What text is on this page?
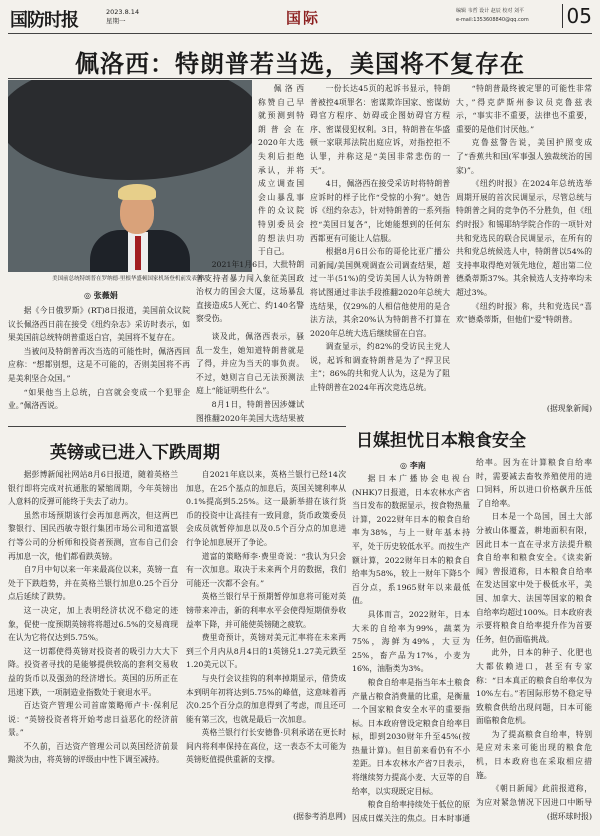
国防时报	2023.8.14
星期一	国际	编辑 韦哲 设计 赵辰 校对 刘平
e-mail:1353608840@qq.com 05
佩洛西：特朗普若当选，美国将不复存在
美国前总统特朗普在罗纳德·里根华盛顿国家机场登机前发表讲话
◎ 张薇娟

佩洛西称赞自己早就预测到特朗普会在2020年大选失利后拒绝承认，并将成立调查国会山暴乱事件的众议院特别委员会的想法归功于自己。

2021年1月6日，大批特朗普支持者暴力闯入象征美国政治权力的国会大厦，这场暴乱直接造成5人死亡、约140名警察受伤。

据《今日俄罗斯》(RT)8日报道，美国前众议院议长佩洛西日前在接受《纽约杂志》采访时表示，如果美国前总统特朗普重返白宫，美国将不复存在。

当被问及特朗普再次当选的可能性时，佩洛西回应称：“想都别想，这是不可能的，否则美国将不再是美利坚合众国。”

“如果他当上总统，白宫就会变成一个犯罪企业。”佩洛西说。

谈及此，佩洛西表示，骚乱一发生，她知道特朗普就是了得，并应为当天的事负责。不过，她则言自己无法预测法庭上“能证明些什么”。

8月1日，特朗普因涉嫌试图推翻2020年美国大选结果被

一份长达45页的起诉书显示，特朗普被控4项罪名：密谋欺诈国家、密谋妨碍官方程序、妨碍或企图妨碍官方程序、密谋侵犯权利。3日，特朗普在华盛顿一家联邦法院出庭应诉，对指控拒不认罪，并称这是“美国非常悲伤的一天”。

4日，佩洛西在接受采访时将特朗普应诉时的样子比作“受惊的小狗”。她告诉《纽约杂志》，针对特朗普的一系列指控“美国日复各”，比她能想到的任何东西都更有可能让人信服。

根据8月6日公布的哥伦比亚广播公司新闻/美国舆观调查公司调查结果，超过一半(51%)的受访美国人认为特朗普将试图通过非法手段推翻2020年总统大选结果，仅29%的人相信他使用的是合法方法，其余20%认为特朗普不打算在2020年总统大选后继续留在白宫。

调查显示，约82%的受访民主党人说，起诉和调查特朗普是为了“捍卫民主”；86%的共和党人认为，这是为了阻止特朗普在2024年再次竞选总统。

“特朗普最终被定罪的可能性非常大，”得克萨斯州参议员克鲁兹表示，“事实非不重要，法律也不重要，重要的是他们讨厌他。”

克鲁兹警告说，美国护照变成了“香蕉共和国(军事强人独裁统治的国家)”。

《纽约时报》在2024年总统选举周期开展的首次民调显示，尽管总统与特朗普之间的竞争仍不分胜负，但《纽约时报》和锡耶纳学院合作的一项针对共和党选民的联合民调显示，在所有的共和党总统候选人中，特朗普以54%的支持率取得绝对领先地位，超出第二位德桑蒂斯37%。其余候选人支持率均未超过3%。

《纽约时报》称，共和党选民“喜欢”德桑蒂斯，但他们“爱”特朗普。

(据现象新闻)

英镑或已进入下跌周期

据彭博新闻社网站8月6日报道，随着英格兰银行即将完成对抗通胀的紧缩周期，今年英镑出人意料的反弹可能终于失去了动力。

虽然市场预期该行会再加息两次，但这两巴黎银行、国民西敏寺银行集团市场公司和道富银行等公司的分析师和投资者预测，宣布自己们会再加息一次，他们都看跌英镑。

自7月中旬以来一年来最高位以来，英镑一直处于下跌趋势，并在英格兰银行加息0.25个百分点后延续了跌势。

这一决定，加上表明经济状况不稳定的迹象，促使一度预期英镑将将超过6.5%的交易商现在认为它将仅达到5.75%。

这一切都使得英镑对投资者的吸引力大大下降。投资者寻找的是能够提供较高的套利交易收益的货币以及强劲的经济增长。英国的历所正在迅速下跌，一项制造业指数处于衰退水平。

百达资产管理公司首席策略师卢卡·保利尼说：“英镑投资者将开始考虑日益恶化的经济前景。”

不久前，百达资产管理公司以英国经济前景黯淡为由，将英镑的评级由中性下调至减持。

自2021年底以来，英格兰银行已经14次加息，在25个基点的加息后，英国关键利率从0.1%提高到5.25%。这一最新举措在该行货币的投资中让高挂有一致同意，货币政策委员会成员就暂停加息以及0.5个百分点的加息进行争论加息展开了争论。

道富的策略师李·费里奇说：“我认为只会有一次加息。取决于未来两个月的数据，我们可能还一次都不会有。”

英格兰银行早于预期暂停加息将可能对英镑带来冲击，新的利率水平会使得短期债券收益率下降，并可能使英镑随之疲软。

费里奇预计，英镑对美元汇率将在未来两到三个月内从8月4日的1英镑兑1.27美元跌至1.20美元以下。

与央行会议挂钩的利率掉期显示，借贷成本到明年初将达到5.75%的峰值，这意味着再次0.25个百分点的加息得到了考虑，而且还可能有第三次，也就是最后一次加息。

英格兰银行行长安德鲁·贝利承诺在更长时间内将利率保持在高位，这一表态不太可能为英镑贬值提供重新的支撑。

(据参考消息网)

日媒担忧日本粮食安全
◎ 李南

据日本广播协会电视台(NHK)7日报道，日本农林水产省当日发布的数据显示，按食物热量计算，2022财年日本的粮食自给率为38%，与上一财年基本持平，处于历史较低水平。而按生产额计算，2022财年日本的粮食自给率为58%，较上一财年下降5个百分点，系1965财年以来最低值。

具体而言，2022财年，日本大米的自给率为99%，蔬菜为75%，海鲜为49%，大豆为25%，畜产品为17%，小麦为16%，油脂类为3%。

粮食自给率是指当年本土粮食产量占粮食消费量的比重，是衡量一个国家粮食安全水平的重要指标。日本政府曾设定粮食自给率目标，即到2030财年升至45%(按热量计算)。但目前来看仍有不小差距。日本农林水产省7日表示，将继续努力提高小麦、大豆等的自给率，以实现既定目标。

粮食自给率持续处于低位的原因成日媒关注的焦点。日本时事通

给率。因为在计算粮食自给率时，需要减去畜牧养殖使用的进口饲料，所以进口价格飙升压低了自给率。

日本是一个岛国，国土大部分被山体覆盖，耕地面积有限，因此日本一直在寻求方法提升粮食自给率和粮食安全。《读卖新闻》曾报道称，日本粮食自给率在发达国家中处于极低水平，美国、加拿大、法国等国家的粮食自给率均超过100%。日本政府表示要将粮食自给率提升作为首要任务，但仍面临挑战。

此外，日本的种子、化肥也大都依赖进口，甚至有专家称：“日本真正的粮食自给率仅为10%左右。”若国际形势不稳定导致粮食供给出现问题，日本可能面临粮食危机。

为了提高粮食自给率，特别是应对未来可能出现的粮食危机，日本政府也在采取相应措施。

《朝日新闻》此前报道称，为应对紧急情况下因进口中断导

(据环球时报)
